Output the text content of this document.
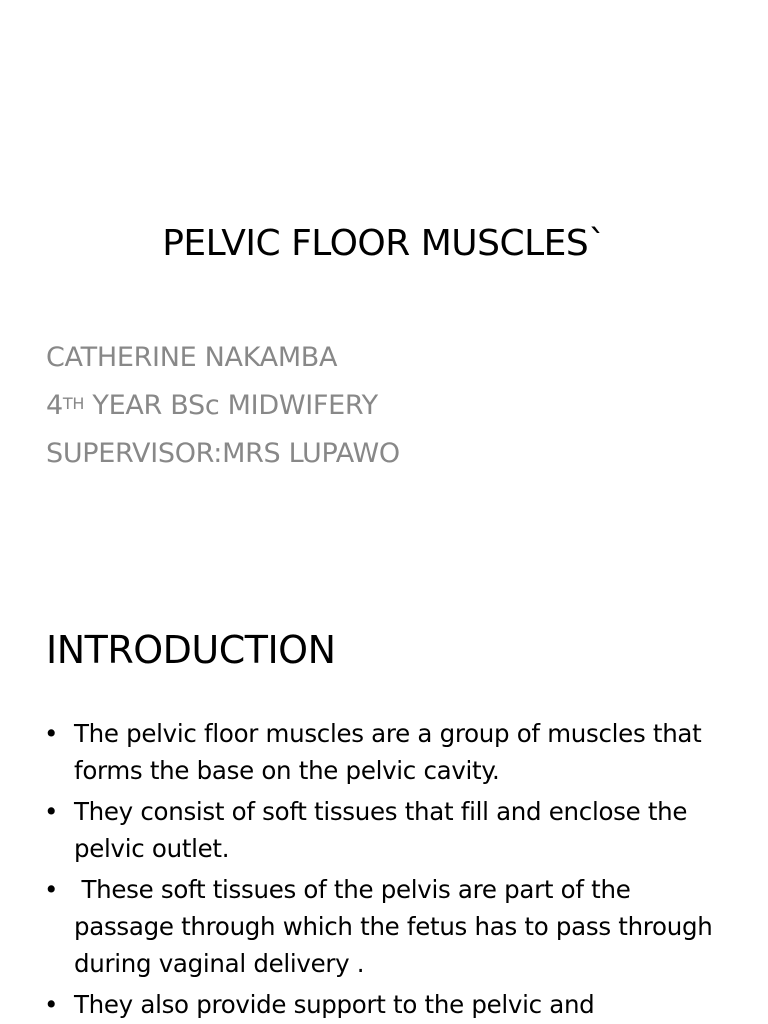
PELVIC FLOOR MUSCLES`
CATHERINE NAKAMBA
4TH YEAR BSc MIDWIFERY
SUPERVISOR:MRS LUPAWO
INTRODUCTION
• The pelvic floor muscles are a group of muscles that forms the base on the pelvic cavity.
• They consist of soft tissues that fill and enclose the pelvic outlet.
• These soft tissues of the pelvis are part of the passage through which the fetus has to pass through during vaginal delivery .
• They also provide support to the pelvic and
